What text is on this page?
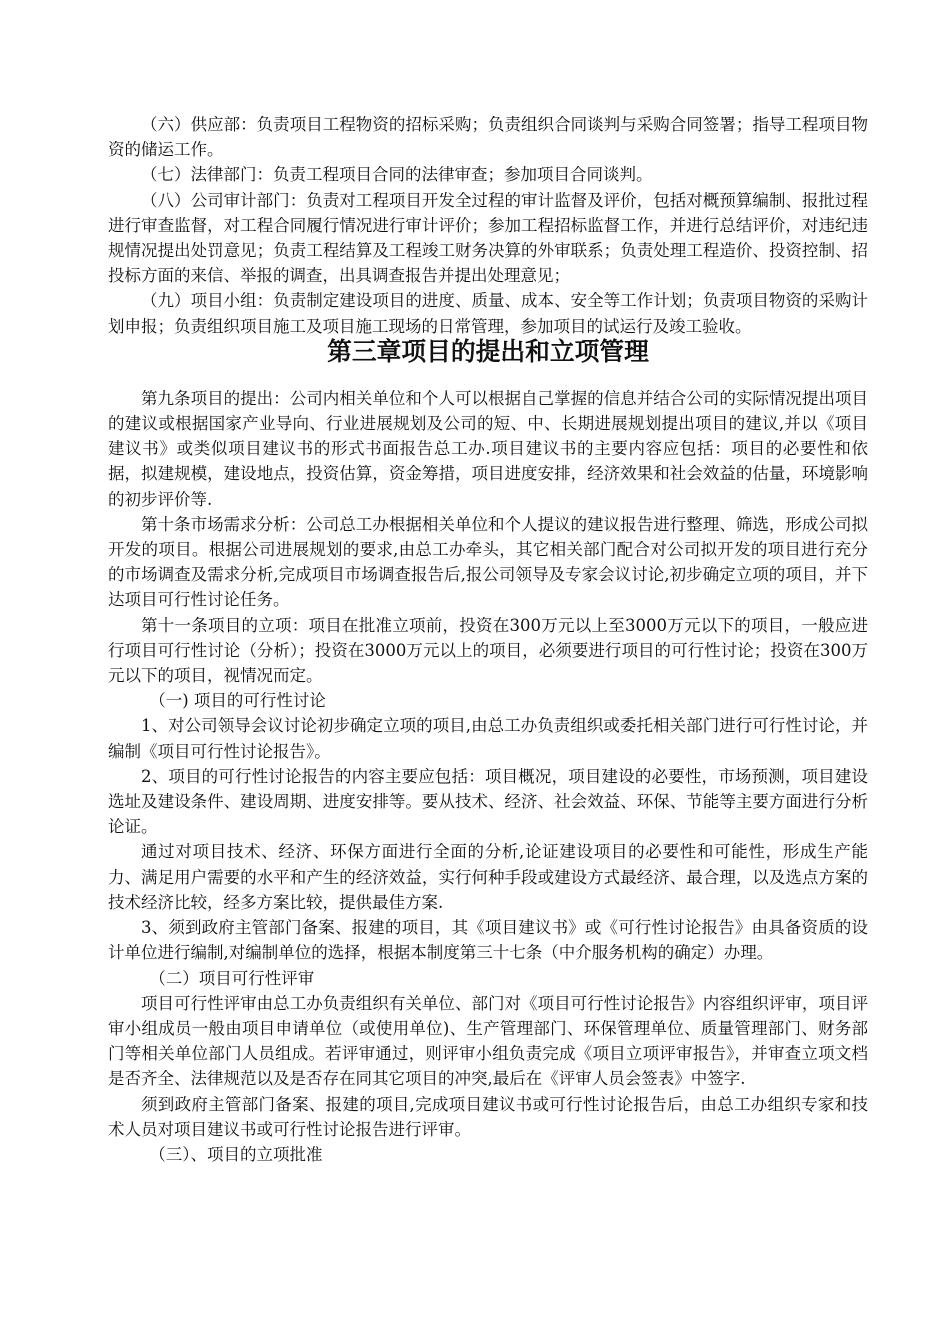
（六）供应部：负责项目工程物资的招标采购；负责组织合同谈判与采购合同签署；指导工程项目物资的储运工作。

（七）法律部门：负责工程项目合同的法律审查；参加项目合同谈判。

（八）公司审计部门：负责对工程项目开发全过程的审计监督及评价，包括对概预算编制、报批过程进行审查监督，对工程合同履行情况进行审计评价；参加工程招标监督工作，并进行总结评价，对违纪违规情况提出处罚意见；负责工程结算及工程竣工财务决算的外审联系；负责处理工程造价、投资控制、招投标方面的来信、举报的调查，出具调查报告并提出处理意见；

（九）项目小组：负责制定建设项目的进度、质量、成本、安全等工作计划；负责项目物资的采购计划申报；负责组织项目施工及项目施工现场的日常管理，参加项目的试运行及竣工验收。

第三章项目的提出和立项管理

第九条项目的提出：公司内相关单位和个人可以根据自己掌握的信息并结合公司的实际情况提出项目的建议或根据国家产业导向、行业进展规划及公司的短、中、长期进展规划提出项目的建议,并以《项目建议书》或类似项目建议书的形式书面报告总工办.项目建议书的主要内容应包括：项目的必要性和依据，拟建规模，建设地点，投资估算，资金筹措，项目进度安排，经济效果和社会效益的估量，环境影响的初步评价等.

第十条市场需求分析：公司总工办根据相关单位和个人提议的建议报告进行整理、筛选，形成公司拟开发的项目。根据公司进展规划的要求,由总工办牵头，其它相关部门配合对公司拟开发的项目进行充分的市场调查及需求分析,完成项目市场调查报告后,报公司领导及专家会议讨论,初步确定立项的项目，并下达项目可行性讨论任务。

第十一条项目的立项：项目在批准立项前，投资在300万元以上至3000万元以下的项目，一般应进行项目可行性讨论（分析）；投资在3000万元以上的项目，必须要进行项目的可行性讨论；投资在300万元以下的项目，视情况而定。

（一) 项目的可行性讨论

1、对公司领导会议讨论初步确定立项的项目,由总工办负责组织或委托相关部门进行可行性讨论，并编制《项目可行性讨论报告》。

2、项目的可行性讨论报告的内容主要应包括：项目概况，项目建设的必要性，市场预测，项目建设选址及建设条件、建设周期、进度安排等。要从技术、经济、社会效益、环保、节能等主要方面进行分析论证。

通过对项目技术、经济、环保方面进行全面的分析,论证建设项目的必要性和可能性，形成生产能力、满足用户需要的水平和产生的经济效益，实行何种手段或建设方式最经济、最合理，以及选点方案的技术经济比较，经多方案比较，提供最佳方案.

3、须到政府主管部门备案、报建的项目，其《项目建议书》或《可行性讨论报告》由具备资质的设计单位进行编制,对编制单位的选择，根据本制度第三十七条（中介服务机构的确定）办理。

（二）项目可行性评审

项目可行性评审由总工办负责组织有关单位、部门对《项目可行性讨论报告》内容组织评审，项目评审小组成员一般由项目申请单位（或使用单位)、生产管理部门、环保管理单位、质量管理部门、财务部门等相关单位部门人员组成。若评审通过，则评审小组负责完成《项目立项评审报告》，并审查立项文档是否齐全、法律规范以及是否存在同其它项目的冲突,最后在《评审人员会签表》中签字.

须到政府主管部门备案、报建的项目,完成项目建议书或可行性讨论报告后，由总工办组织专家和技术人员对项目建议书或可行性讨论报告进行评审。

（三）、项目的立项批准
